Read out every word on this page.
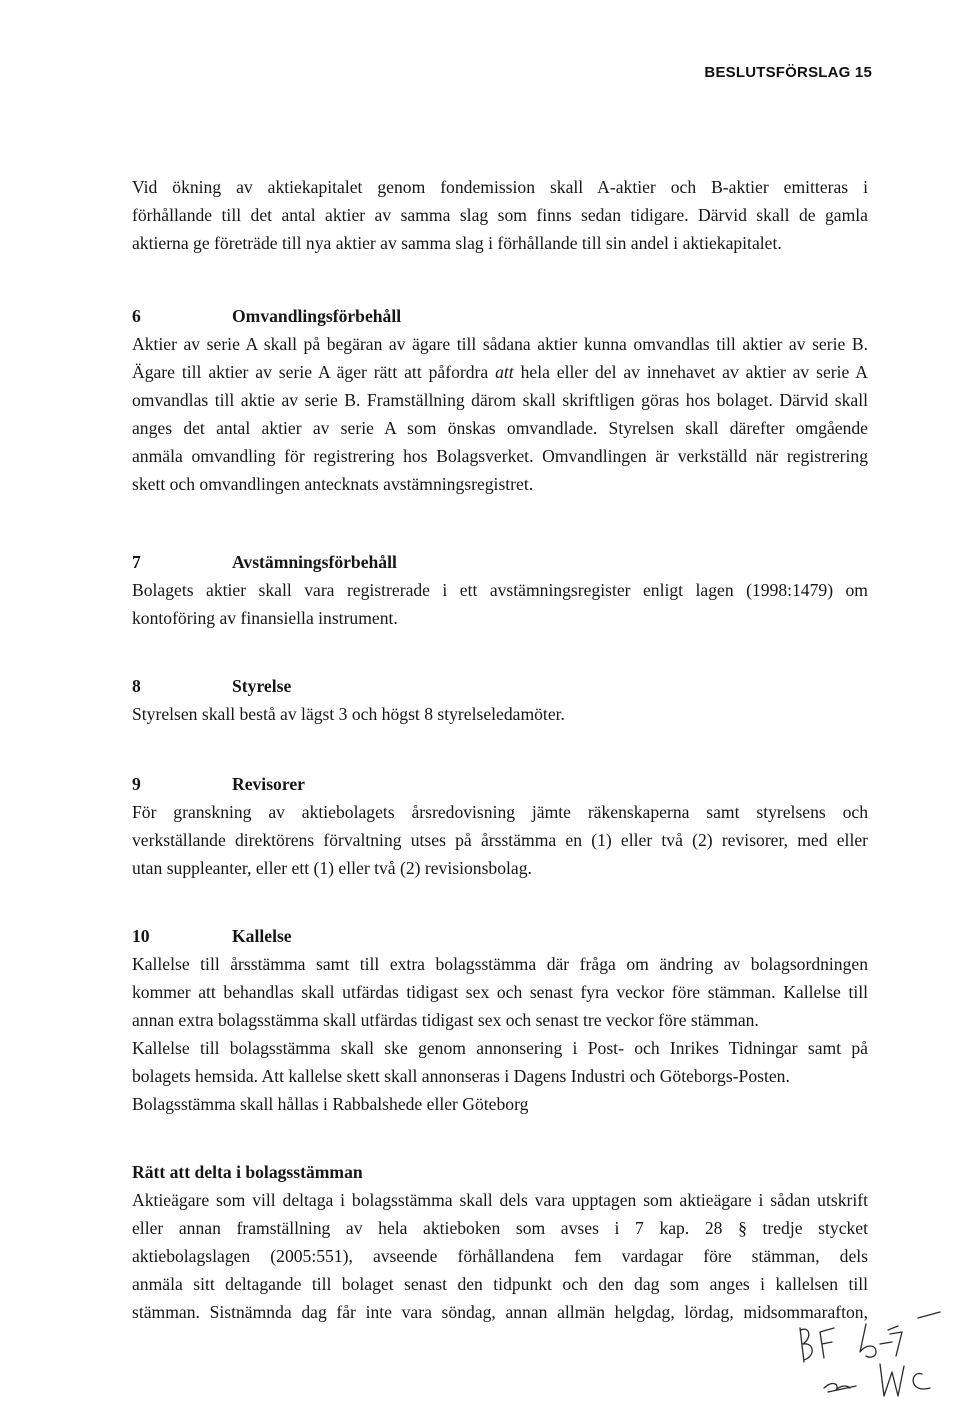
BESLUTSFÖRSLAG 15

Vid ökning av aktiekapitalet genom fondemission skall A-aktier och B-aktier emitteras i
förhållande till det antal aktier av samma slag som finns sedan tidigare. Därvid skall de gamla
aktierna ge företräde till nya aktier av samma slag i förhållande till sin andel i aktiekapitalet.

6	Omvandlingsförbehåll

Aktier av serie A skall på begäran av ägare till sådana aktier kunna omvandlas till aktier av serie B.
Ägare till aktier av serie A äger rätt att påfordra att hela eller del av innehavet av aktier av serie A
omvandlas till aktie av serie B. Framställning därom skall skriftligen göras hos bolaget. Därvid skall
anges det antal aktier av serie A som önskas omvandlade. Styrelsen skall därefter omgående
anmäla omvandling för registrering hos Bolagsverket. Omvandlingen är verkställd när registrering
skett och omvandlingen antecknats avstämningsregistret.

7	Avstämningsförbehåll

Bolagets aktier skall vara registrerade i ett avstämningsregister enligt lagen (1998:1479) om
kontoföring av finansiella instrument.

8	Styrelse

Styrelsen skall bestå av lägst 3 och högst 8 styrelseledamöter.

9	Revisorer

För granskning av aktiebolagets årsredovisning jämte räkenskaperna samt styrelsens och
verkställande direktörens förvaltning utses på årsstämma en (1) eller två (2) revisorer, med eller
utan suppleanter, eller ett (1) eller två (2) revisionsbolag.

10	Kallelse

Kallelse till årsstämma samt till extra bolagsstämma där fråga om ändring av bolagsordningen
kommer att behandlas skall utfärdas tidigast sex och senast fyra veckor före stämman. Kallelse till
annan extra bolagsstämma skall utfärdas tidigast sex och senast tre veckor före stämman.
Kallelse till bolagsstämma skall ske genom annonsering i Post- och Inrikes Tidningar samt på
bolagets hemsida. Att kallelse skett skall annonseras i Dagens Industri och Göteborgs-Posten.
Bolagsstämma skall hållas i Rabbalshede eller Göteborg

Rätt att delta i bolagsstämman

Aktieägare som vill deltaga i bolagsstämma skall dels vara upptagen som aktieägare i sådan utskrift
eller annan framställning av hela aktieboken som avses i 7 kap. 28 § tredje stycket
aktiebolagslagen (2005:551), avseende förhållandena fem vardagar före stämman, dels
anmäla sitt deltagande till bolaget senast den tidpunkt och den dag som anges i kallelsen till
stämman. Sistnämnda dag får inte vara söndag, annan allmän helgdag, lördag, midsommarafton,
